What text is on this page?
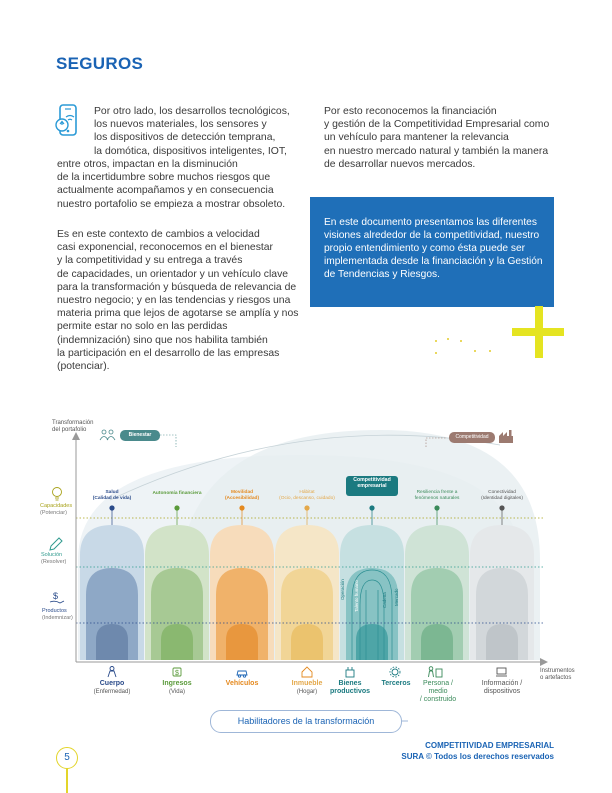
SEGUROS
Por otro lado, los desarrollos tecnológicos,
los nuevos materiales, los sensores y
los dispositivos de detección temprana,
la domótica, dispositivos inteligentes, IOT,
entre otros, impactan en la disminución
de la incertidumbre sobre muchos riesgos que
actualmente acompañamos y en consecuencia
nuestro portafolio se empieza a mostrar obsoleto.
Es en este contexto de cambios a velocidad
casi exponencial, reconocemos en el bienestar
y la competitividad y su entrega a través
de capacidades, un orientador y un vehículo clave
para la transformación y búsqueda de relevancia de
nuestro negocio; y en las tendencias y riesgos una
materia prima que lejos de agotarse se amplía y nos
permite estar no solo en las perdidas
(indemnización) sino que nos habilita también
la participación en el desarrollo de las empresas
(potenciar).
Por esto reconocemos la financiación
y gestión de la Competitividad Empresarial como
un vehículo para mantener la relevancia
en nuestro mercado natural y también la manera
de desarrollar nuevos mercados.
En este documento presentamos las diferentes
visiones alrededor de la competitividad, nuestro
propio entendimiento y como ésta puede ser
implementada desde la financiación y la Gestión
de Tendencias y Riesgos.
$
$
Transformación
del portafolio
Instrumentos
o artefactos
Bienestar	Competitividad
Capacidades
(Potenciar)
Solución
(Resolver)
Productos
(Indemnizar)
Salud
(Calidad de vida)
Autonomía financiera	Movilidad
(Accesibilidad)
Hábitat
(Ocio, descanso, cuidado)
Competitividad
empresarial
Resiliencia frente a
fenómenos naturales
Conectividad
(Identidad digitales)
Operación Talento humano	Cadena Mercado
Cuerpo
(Enfermedad)
Ingresos
(Vida)
Vehículos	Inmueble
(Hogar)
Bienes
productivos
Terceros	Persona /
medio
/ construido
Información /
dispositivos
Habilitadores de la transformación
5
COMPETITIVIDAD EMPRESARIAL
SURA © Todos los derechos reservados
